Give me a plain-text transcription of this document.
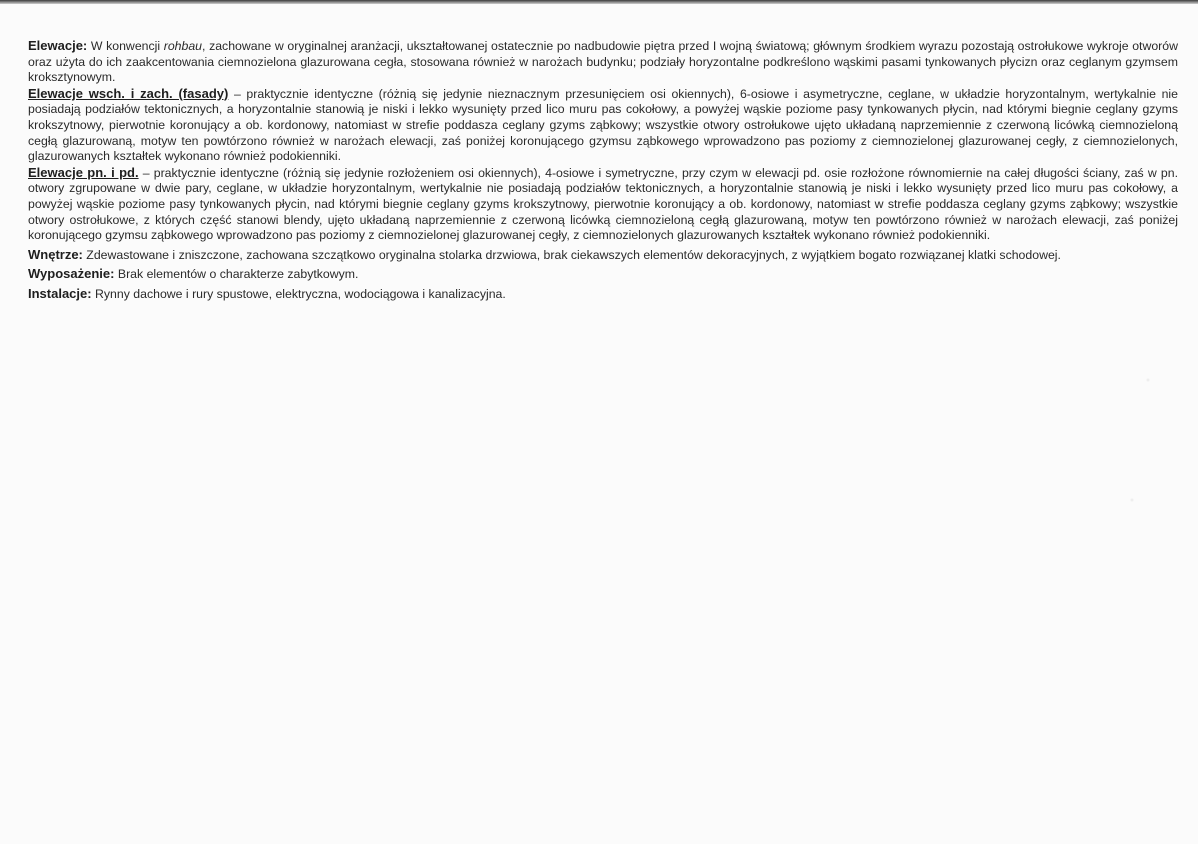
Elewacje: W konwencji rohbau, zachowane w oryginalnej aranżacji, ukształtowanej ostatecznie po nadbudowie piętra przed I wojną światową; głównym środkiem wyrazu pozostają ostrołukowe wykroje otworów oraz użyta do ich zaakcentowania ciemnozielona glazurowana cegła, stosowana również w narożach budynku; podziały horyzontalne podkreślono wąskimi pasami tynkowanych płycizn oraz ceglanym gzymsem kroksztynowym.

Elewacje wsch. i zach. (fasady) – praktycznie identyczne (różnią się jedynie nieznacznym przesunięciem osi okiennych), 6-osiowe i asymetryczne, ceglane, w układzie horyzontalnym, wertykalnie nie posiadają podziałów tektonicznych, a horyzontalnie stanowią je niski i lekko wysunięty przed lico muru pas cokołowy, a powyżej wąskie poziome pasy tynkowanych płycin, nad którymi biegnie ceglany gzyms krokszytnowy, pierwotnie koronujący a ob. kordonowy, natomiast w strefie poddasza ceglany gzyms ząbkowy; wszystkie otwory ostrołukowe ujęto układaną naprzemiennie z czerwoną licówką ciemnozieloną cegłą glazurowaną, motyw ten powtórzono również w narożach elewacji, zaś poniżej koronującego gzymsu ząbkowego wprowadzono pas poziomy z ciemnozielonej glazurowanej cegły, z ciemnozielonych, glazurowanych kształtek wykonano również podokienniki.

Elewacje pn. i pd. – praktycznie identyczne (różnią się jedynie rozłożeniem osi okiennych), 4-osiowe i symetryczne, przy czym w elewacji pd. osie rozłożone równomiernie na całej długości ściany, zaś w pn. otwory zgrupowane w dwie pary, ceglane, w układzie horyzontalnym, wertykalnie nie posiadają podziałów tektonicznych, a horyzontalnie stanowią je niski i lekko wysunięty przed lico muru pas cokołowy, a powyżej wąskie poziome pasy tynkowanych płycin, nad którymi biegnie ceglany gzyms krokszytnowy, pierwotnie koronujący a ob. kordonowy, natomiast w strefie poddasza ceglany gzyms ząbkowy; wszystkie otwory ostrołukowe, z których część stanowi blendy, ujęto układaną naprzemiennie z czerwoną licówką ciemnozieloną cegłą glazurowaną, motyw ten powtórzono również w narożach elewacji, zaś poniżej koronującego gzymsu ząbkowego wprowadzono pas poziomy z ciemnozielonej glazurowanej cegły, z ciemnozielonych glazurowanych kształtek wykonano również podokienniki.

Wnętrze: Zdewastowane i zniszczone, zachowana szczątkowo oryginalna stolarka drzwiowa, brak ciekawszych elementów dekoracyjnych, z wyjątkiem bogato rozwiązanej klatki schodowej.

Wyposażenie: Brak elementów o charakterze zabytkowym.

Instalacje: Rynny dachowe i rury spustowe, elektryczna, wodociągowa i kanalizacyjna.
